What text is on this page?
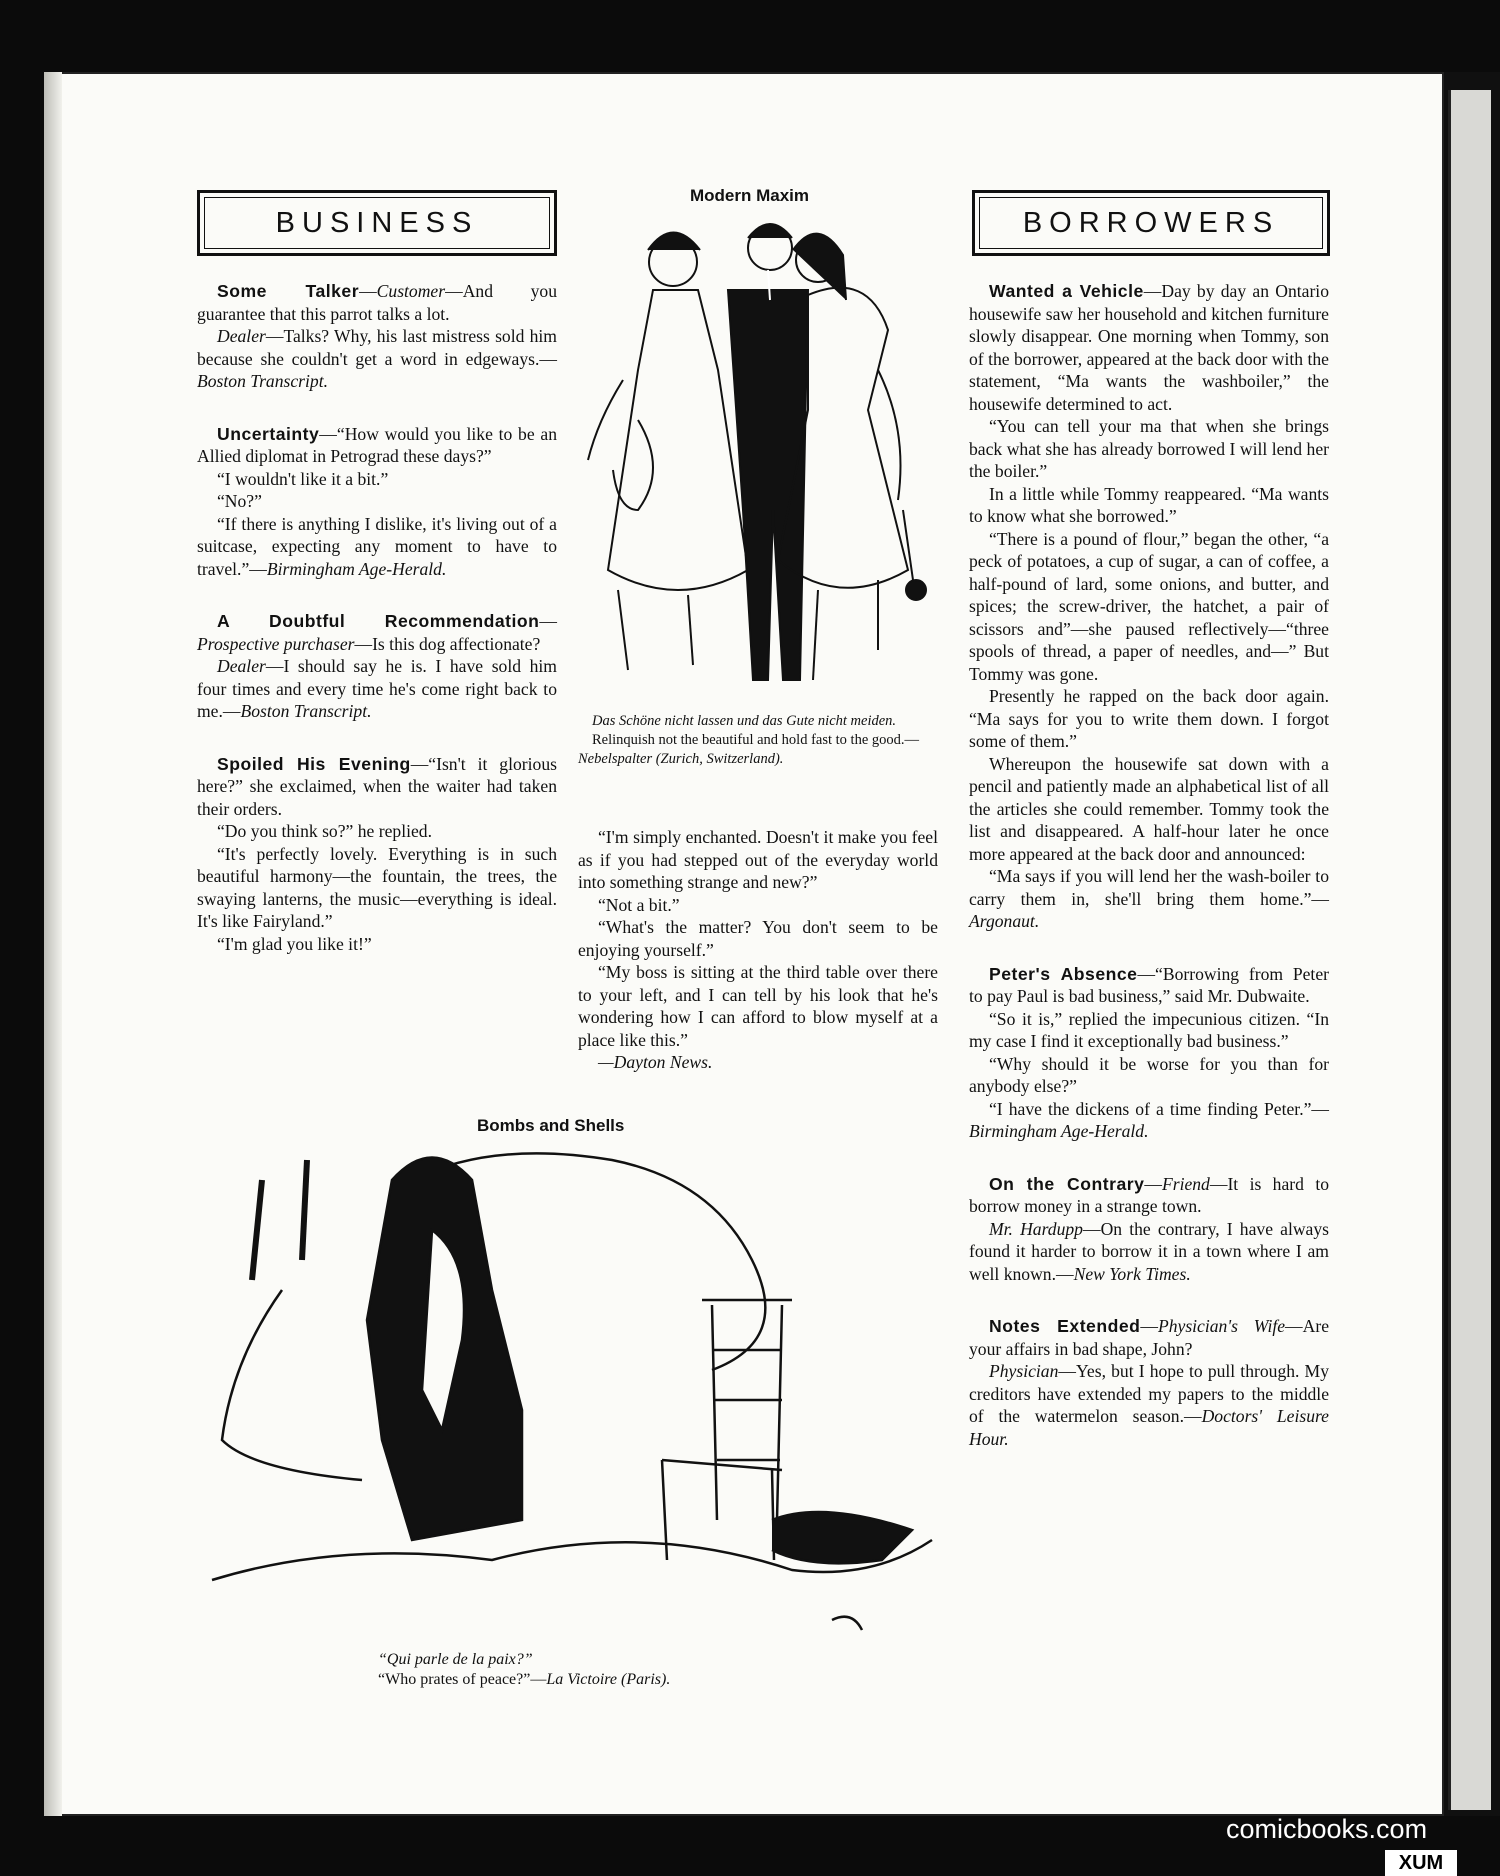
BUSINESS	BORROWERS

Some Talker—Customer—And you guarantee that this parrot talks a lot.

Dealer—Talks? Why, his last mistress sold him because she couldn't get a word in edgeways.—Boston Transcript.

Uncertainty—“How would you like to be an Allied diplomat in Petrograd these days?”

“I wouldn't like it a bit.”

“No?”

“If there is anything I dislike, it's living out of a suitcase, expecting any moment to have to travel.”—Birmingham Age-Herald.

A Doubtful Recommendation—Prospective purchaser—Is this dog affectionate?

Dealer—I should say he is. I have sold him four times and every time he's come right back to me.—Boston Transcript.

Spoiled His Evening—“Isn't it glorious here?” she exclaimed, when the waiter had taken their orders.

“Do you think so?” he replied.

“It's perfectly lovely. Everything is in such beautiful harmony—the fountain, the trees, the swaying lanterns, the music—everything is ideal. It's like Fairyland.”

“I'm glad you like it!”

Modern Maxim

Das Schöne nicht lassen und das Gute nicht meiden.

Relinquish not the beautiful and hold fast to the good.—Nebelspalter (Zurich, Switzerland).

“I'm simply enchanted. Doesn't it make you feel as if you had stepped out of the everyday world into something strange and new?”

“Not a bit.”

“What's the matter? You don't seem to be enjoying yourself.”

“My boss is sitting at the third table over there to your left, and I can tell by his look that he's wondering how I can afford to blow myself at a place like this.”

—Dayton News.

Bombs and Shells

“Qui parle de la paix?”

“Who prates of peace?”—La Victoire (Paris).

Wanted a Vehicle—Day by day an Ontario housewife saw her household and kitchen furniture slowly disappear. One morning when Tommy, son of the borrower, appeared at the back door with the statement, “Ma wants the washboiler,” the housewife determined to act.

“You can tell your ma that when she brings back what she has already borrowed I will lend her the boiler.”

In a little while Tommy reappeared. “Ma wants to know what she borrowed.”

“There is a pound of flour,” began the other, “a peck of potatoes, a cup of sugar, a can of coffee, a half-pound of lard, some onions, and butter, and spices; the screw-driver, the hatchet, a pair of scissors and”—she paused reflectively—“three spools of thread, a paper of needles, and—” But Tommy was gone.

Presently he rapped on the back door again. “Ma says for you to write them down. I forgot some of them.”

Whereupon the housewife sat down with a pencil and patiently made an alphabetical list of all the articles she could remember. Tommy took the list and disappeared. A half-hour later he once more appeared at the back door and announced:

“Ma says if you will lend her the wash-boiler to carry them in, she'll bring them home.”—Argonaut.

Peter's Absence—“Borrowing from Peter to pay Paul is bad business,” said Mr. Dubwaite.

“So it is,” replied the impecunious citizen. “In my case I find it exceptionally bad business.”

“Why should it be worse for you than for anybody else?”

“I have the dickens of a time finding Peter.”—Birmingham Age-Herald.

On the Contrary—Friend—It is hard to borrow money in a strange town.

Mr. Hardupp—On the contrary, I have always found it harder to borrow it in a town where I am well known.—New York Times.

Notes Extended—Physician's Wife—Are your affairs in bad shape, John?

Physician—Yes, but I hope to pull through. My creditors have extended my papers to the middle of the watermelon season.—Doctors' Leisure Hour.

comicbooks.com
XUM
